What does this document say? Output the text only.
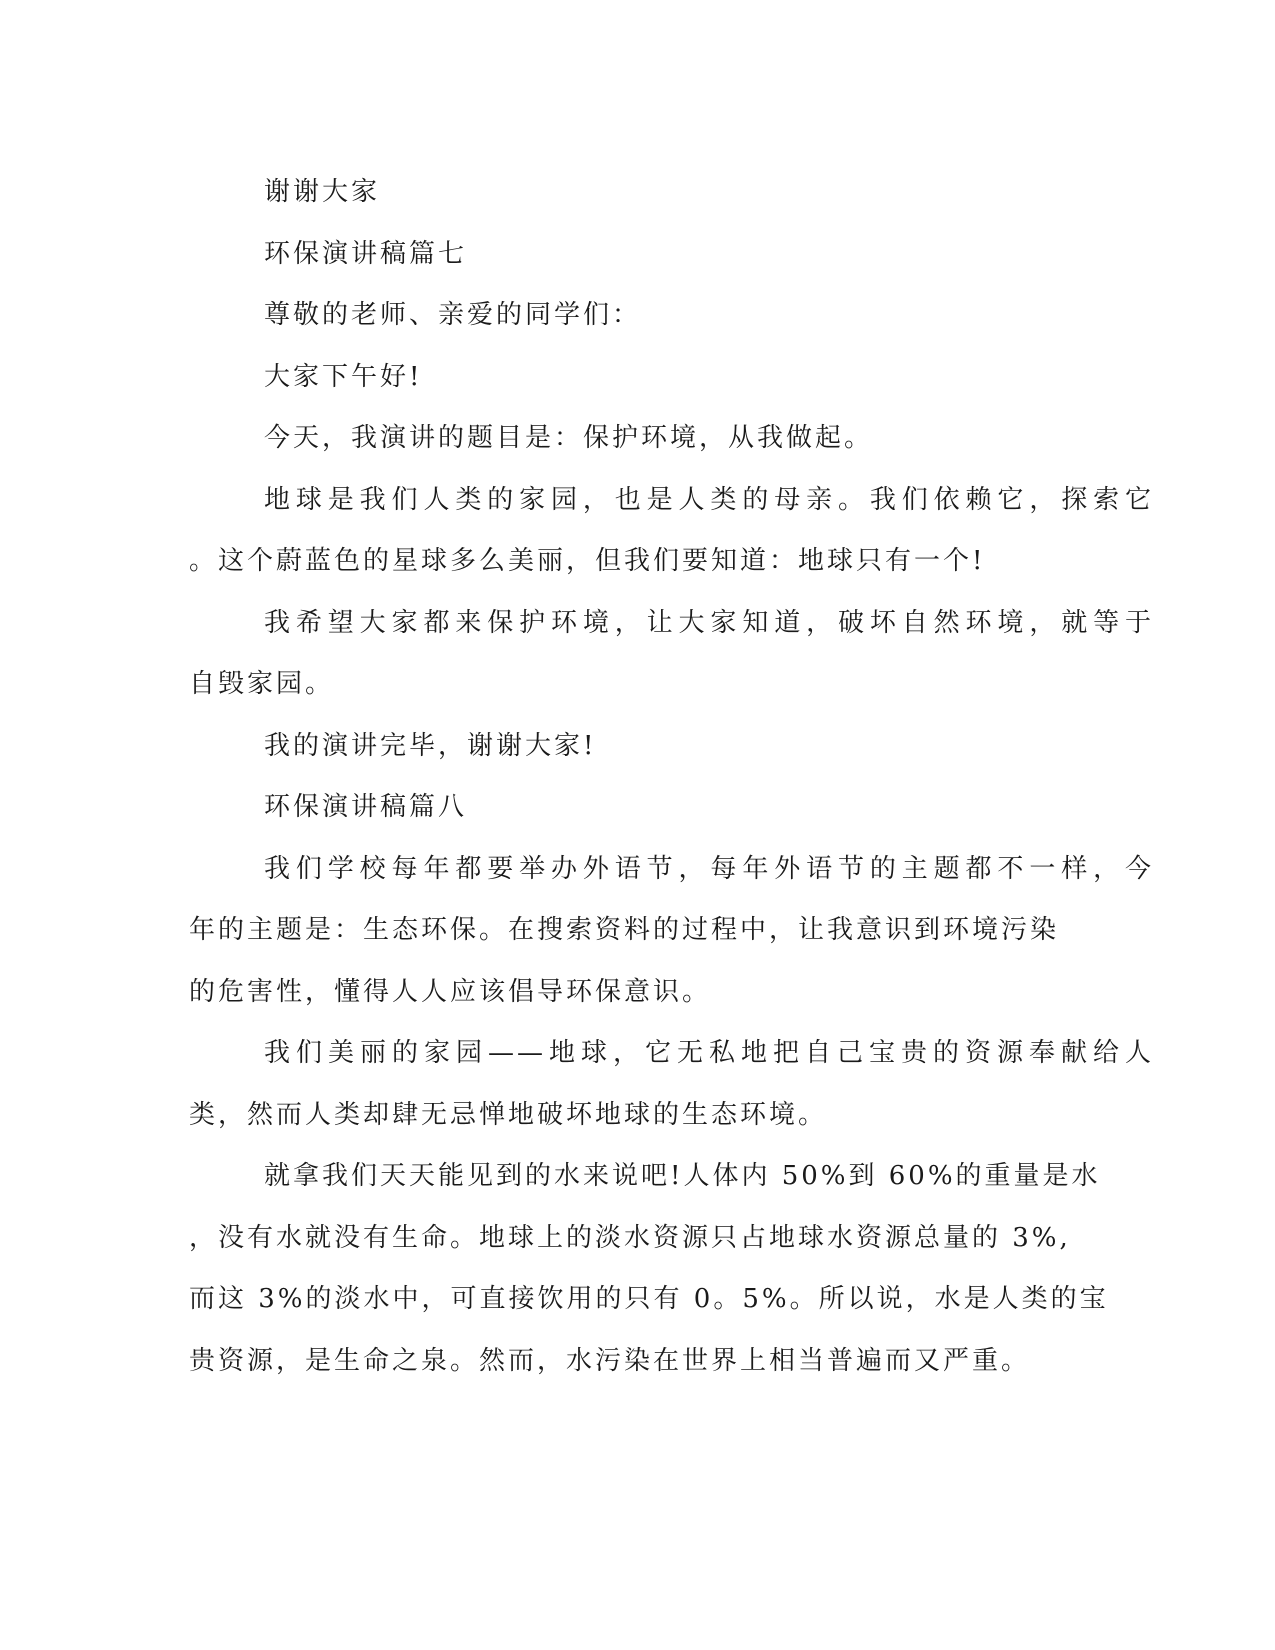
谢谢大家
环保演讲稿篇七
尊敬的老师、亲爱的同学们：
大家下午好!
今天，我演讲的题目是：保护环境，从我做起。
地球是我们人类的家园，也是人类的母亲。我们依赖它，探索它
。这个蔚蓝色的星球多么美丽，但我们要知道：地球只有一个!
我希望大家都来保护环境，让大家知道，破坏自然环境，就等于
自毁家园。
我的演讲完毕，谢谢大家!
环保演讲稿篇八
我们学校每年都要举办外语节，每年外语节的主题都不一样，今
年的主题是：生态环保。在搜索资料的过程中，让我意识到环境污染
的危害性，懂得人人应该倡导环保意识。
我们美丽的家园——地球，它无私地把自己宝贵的资源奉献给人
类，然而人类却肆无忌惮地破坏地球的生态环境。
就拿我们天天能见到的水来说吧!人体内 50%到 60%的重量是水
，没有水就没有生命。地球上的淡水资源只占地球水资源总量的 3%,
而这 3%的淡水中，可直接饮用的只有 0。5%。所以说，水是人类的宝
贵资源，是生命之泉。然而，水污染在世界上相当普遍而又严重。
